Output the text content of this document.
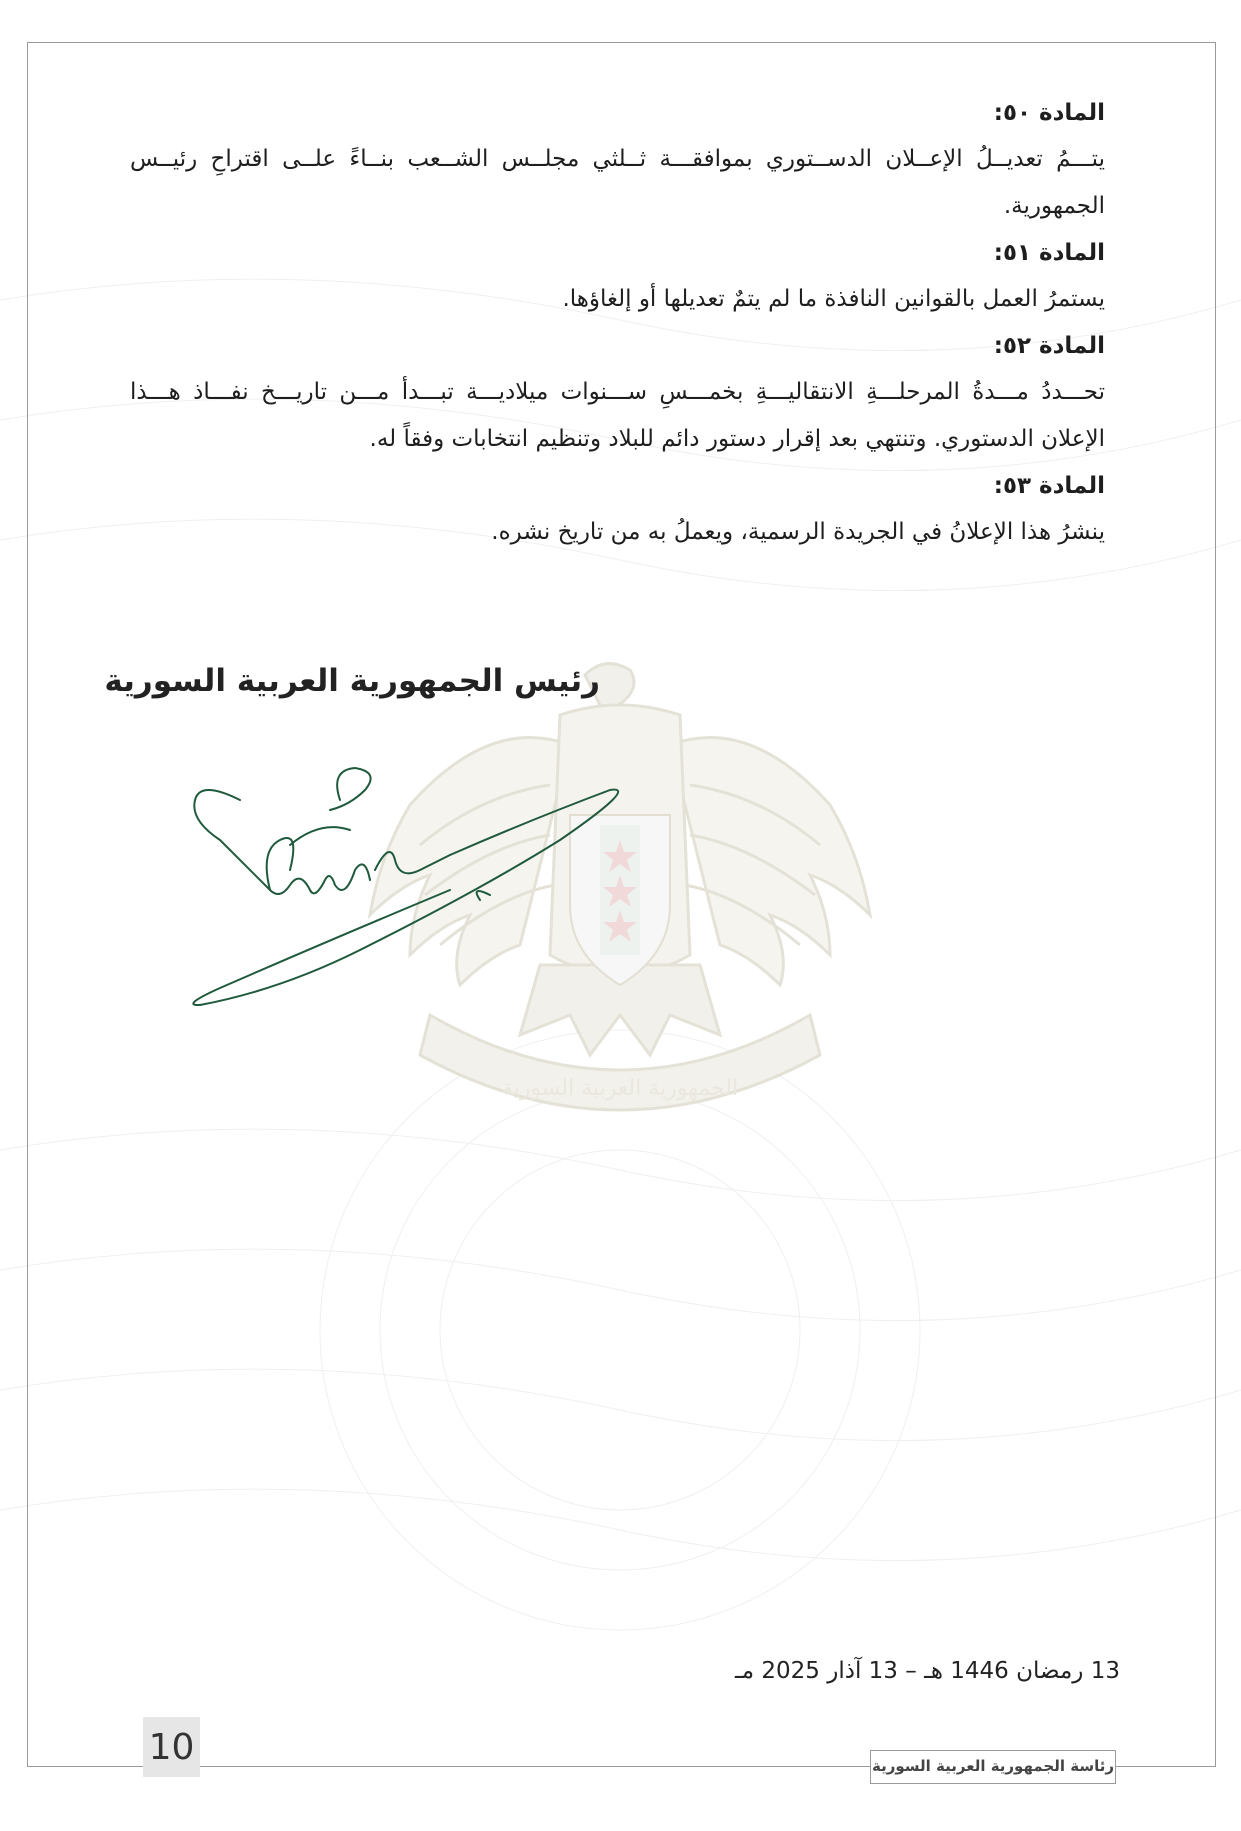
المادة ٥٠:

يتـــمُ تعديــلُ الإعــلان الدســتوري بموافقـــة ثــلثي مجلــس الشــعب بنــاءً علــى اقتراحِ رئيــس الجمهورية.

المادة ٥١:

يستمرُ العمل بالقوانين النافذة ما لم يتمٌ تعديلها أو إلغاؤها.

المادة ٥٢:

تحـــددُ مـــدةُ المرحلـــةِ الانتقاليـــةِ بخمـــسِ ســـنوات ميلاديـــة تبـــدأ مـــن تاريـــخ نفـــاذ هـــذا الإعلان الدستوري. وتنتهي بعد إقرار دستور دائم للبلاد وتنظيم انتخابات وفقاً له.

المادة ٥٣:

ينشرُ هذا الإعلانُ في الجريدة الرسمية، ويعملُ به من تاريخ نشره.

الجمهورية العربية السورية
رئيس الجمهورية العربية السورية
13 رمضان 1446 هـ – 13 آذار 2025 مـ
10	رئاسة الجمهورية العربية السورية
